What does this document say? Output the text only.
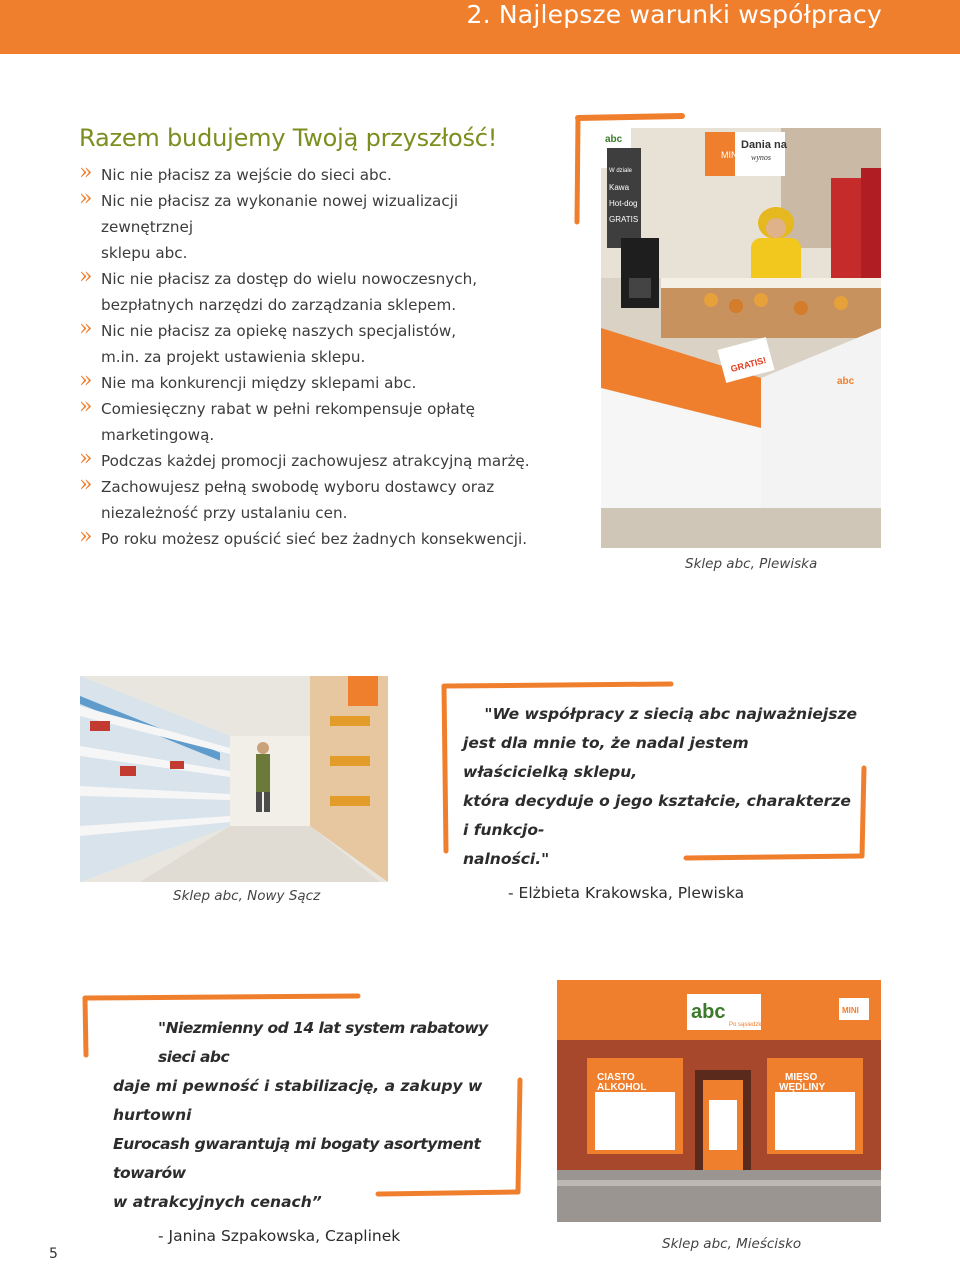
2. Najlepsze warunki współpracy
Razem budujemy Twoją przyszłość!
» Nic nie płacisz za wejście do sieci abc.
» Nic nie płacisz za wykonanie nowej wizualizacji zewnętrznej
sklepu abc.
» Nic nie płacisz za dostęp do wielu nowoczesnych,
bezpłatnych narzędzi do zarządzania sklepem.
» Nic nie płacisz za opiekę naszych specjalistów,
m.in. za projekt ustawienia sklepu.
» Nie ma konkurencji między sklepami abc.
» Comiesięczny rabat w pełni rekompensuje opłatę
marketingową.
» Podczas każdej promocji zachowujesz atrakcyjną marżę.
» Zachowujesz pełną swobodę wyboru dostawcy oraz
niezależność przy ustalaniu cen.
» Po roku możesz opuścić sieć bez żadnych konsekwencji.
MINI
Dania na
wynos
abc
W dziale
Kawa
Hot-dog
GRATIS
GRATIS!
abc
Sklep abc, Plewiska
Sklep abc, Nowy Sącz
"We współpracy z siecią abc najważniejsze
jest dla mnie to, że nadal jestem właścicielką sklepu,
która decyduje o jego kształcie, charakterze i funkcjo-
nalności."
- Elżbieta Krakowska, Plewiska
"Niezmienny od 14 lat system rabatowy sieci abc
daje mi pewność i stabilizację, a zakupy w hurtowni
Eurocash gwarantują mi bogaty asortyment towarów
w atrakcyjnych cenach”
- Janina Szpakowska, Czaplinek
abc
Po sąsiedzku!
MINI
CIASTO
ALKOHOL
MIĘSO
WĘDLINY
Sklep abc, Mieścisko
5
